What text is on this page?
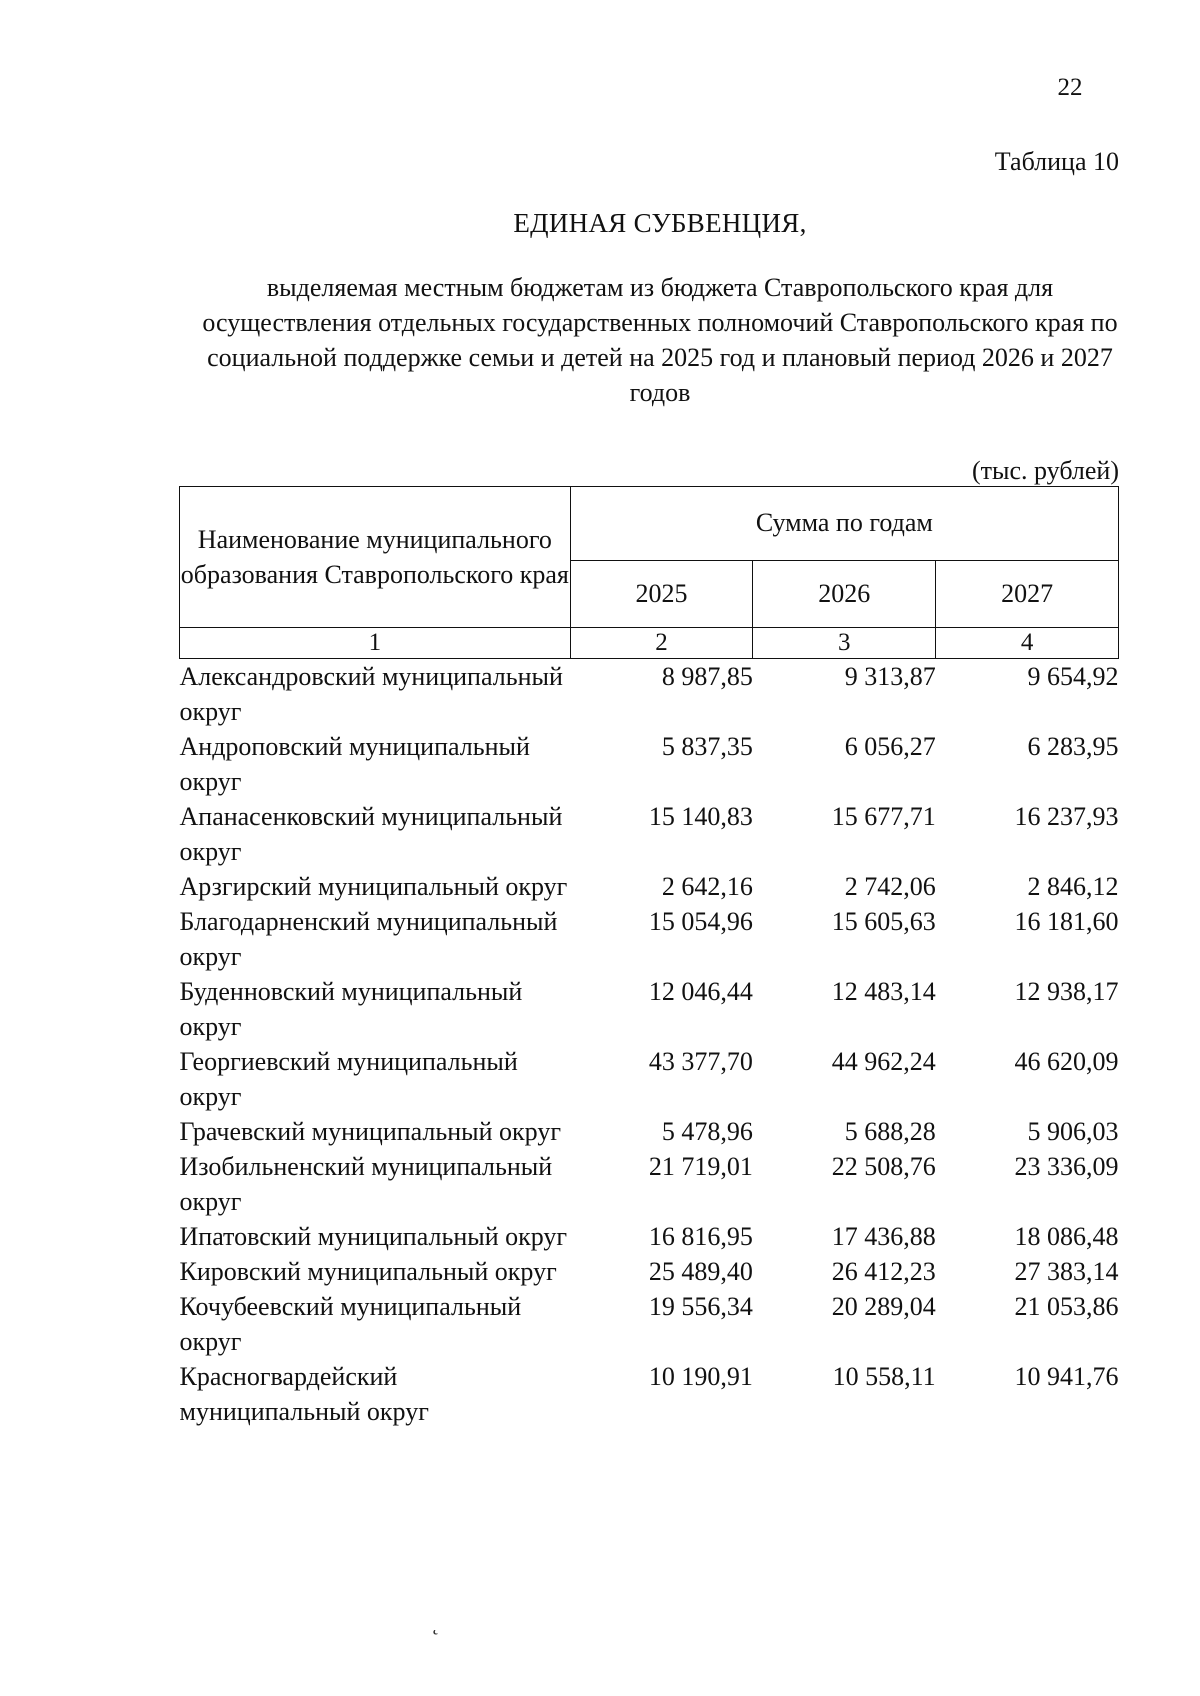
22
Таблица 10
ЕДИНАЯ СУБВЕНЦИЯ,
выделяемая местным бюджетам из бюджета Ставропольского края для осуществления отдельных государственных полномочий Ставропольского края по социальной поддержке семьи и детей на 2025 год и плановый период 2026 и 2027 годов
(тыс. рублей)
Наименование муниципального образования Ставропольского края	Сумма по годам		
	2025	2026	2027
1	2	3	4
Александровский муниципальный округ	8 987,85	9 313,87	9 654,92
Андроповский муниципальный округ	5 837,35	6 056,27	6 283,95
Апанасенковский муниципальный округ	15 140,83	15 677,71	16 237,93
Арзгирский муниципальный округ	2 642,16	2 742,06	2 846,12
Благодарненский муниципальный округ	15 054,96	15 605,63	16 181,60
Буденновский муниципальный округ	12 046,44	12 483,14	12 938,17
Георгиевский муниципальный округ	43 377,70	44 962,24	46 620,09
Грачевский муниципальный округ	5 478,96	5 688,28	5 906,03
Изобильненский муниципальный округ	21 719,01	22 508,76	23 336,09
Ипатовский муниципальный округ	16 816,95	17 436,88	18 086,48
Кировский муниципальный округ	25 489,40	26 412,23	27 383,14
Кочубеевский муниципальный округ	19 556,34	20 289,04	21 053,86
Красногвардейский муниципальный округ	10 190,91	10 558,11	10 941,76
˛
